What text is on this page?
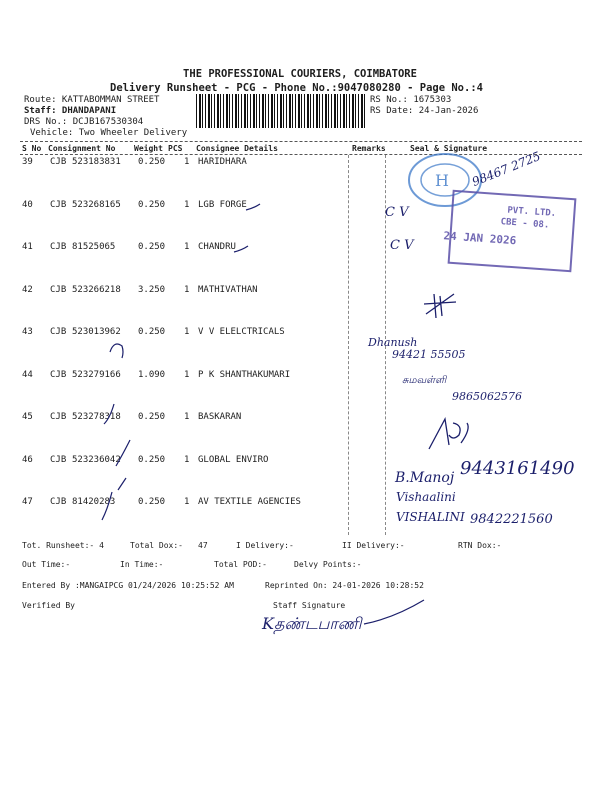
THE PROFESSIONAL COURIERS, COIMBATORE
Delivery Runsheet - PCG - Phone No.:9047080280 - Page No.:4
Route: KATTABOMMAN STREET
Staff: DHANDAPANI
DRS No.: DCJB167530304
Vehicle: Two Wheeler Delivery
RS No.: 1675303
RS Date: 24-Jan-2026
S No Consignment No Weight PCS Consignee Details	Remarks	Seal & Signature
39 CJB 523183831 0.250 1 HARIDHARA
40 CJB 523268165 0.250 1 LGB FORGE
41 CJB 81525065	0.250 1 CHANDRU
42 CJB 523266218 3.250 1 MATHIVATHAN
43 CJB 523013962 0.250 1 V V ELELCTRICALS
44 CJB 523279166 1.090 1 P K SHANTHAKUMARI
45 CJB 523278318 0.250 1 BASKARAN
46 CJB 523236042 0.250 1 GLOBAL ENVIRO
47 CJB 81420283	0.250 1 AV TEXTILE AGENCIES
H
PVT. LTD.
CBE - 08.
24 JAN 2026
98467 2725
C V
C V
Dhanush
94421 55505
சுமவள்ளி
9865062576
9443161490
B.Manoj
Vishaalini
VISHALINI 9842221560
Tot. Runsheet:- 4	Total Dox:- 47	I Delivery:-	II Delivery:-	RTN Dox:-
Out Time:-	In Time:-	Total POD:-	Delvy Points:-
Entered By :MANGAIPCG 01/24/2026 10:25:52 AM	Reprinted On: 24-01-2026 10:28:52
Verified By	Staff Signature
Kதண்டபாணி
